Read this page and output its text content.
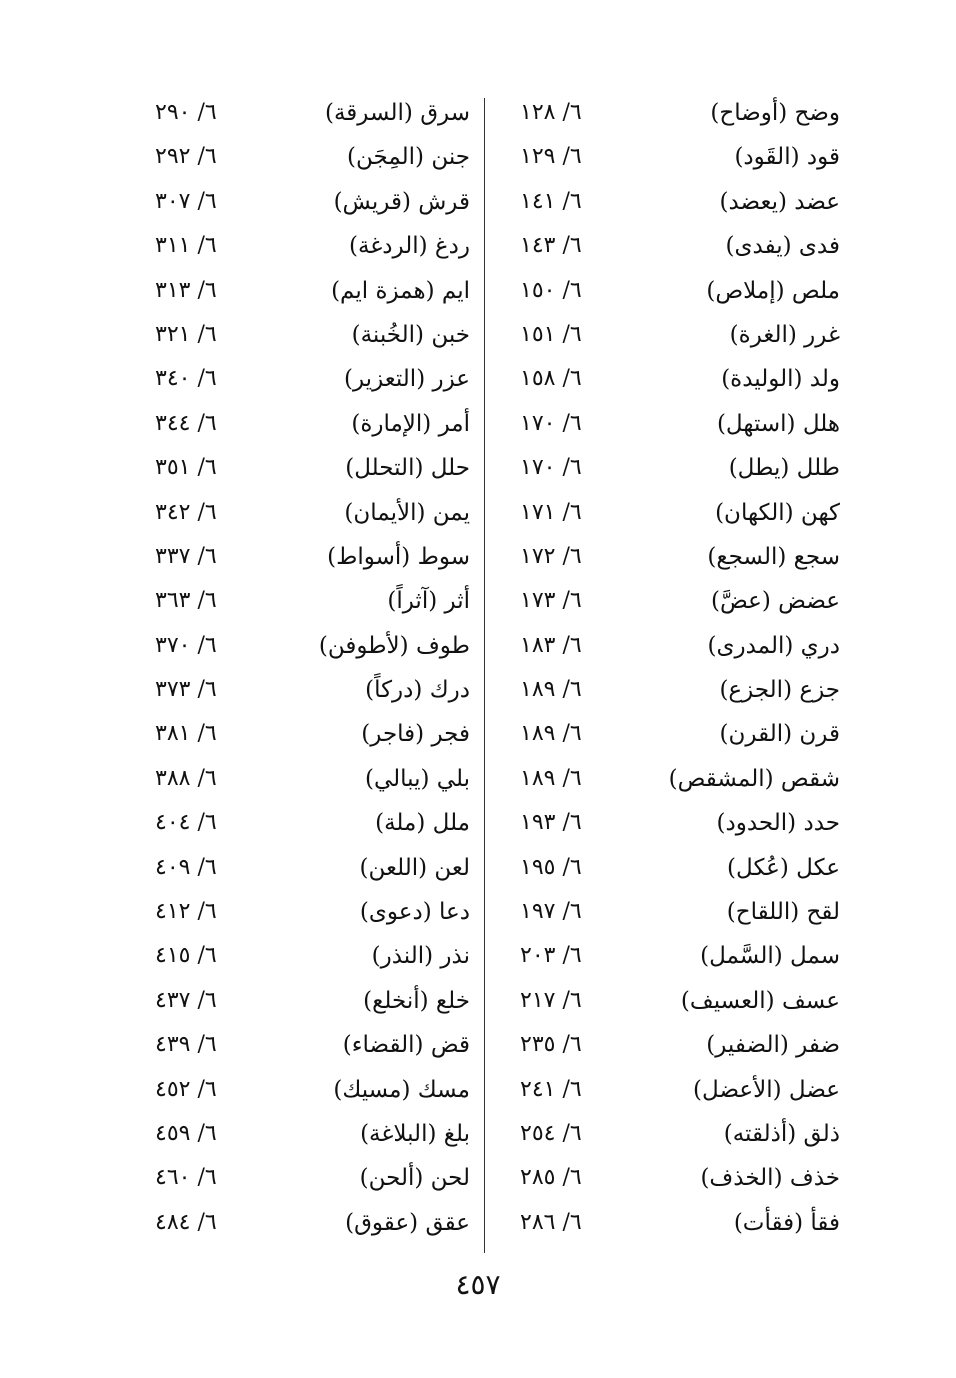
وضح (أوضاح)
٦/ ١٢٨
قود (القَود)
٦/ ١٢٩
عضد (يعضد)
٦/ ١٤١
فدى (يفدى)
٦/ ١٤٣
ملص (إملاص)
٦/ ١٥٠
غرر (الغرة)
٦/ ١٥١
ولد (الوليدة)
٦/ ١٥٨
هلل (استهل)
٦/ ١٧٠
طلل (يطل)
٦/ ١٧٠
كهن (الكهان)
٦/ ١٧١
سجع (السجع)
٦/ ١٧٢
عضض (عضَّ)
٦/ ١٧٣
دري (المدرى)
٦/ ١٨٣
جزع (الجزع)
٦/ ١٨٩
قرن (القرن)
٦/ ١٨٩
شقص (المشقص)
٦/ ١٨٩
حدد (الحدود)
٦/ ١٩٣
عكل (عُكل)
٦/ ١٩٥
لقح (اللقاح)
٦/ ١٩٧
سمل (السَّمل)
٦/ ٢٠٣
عسف (العسيف)
٦/ ٢١٧
ضفر (الضفير)
٦/ ٢٣٥
عضل (الأعضل)
٦/ ٢٤١
ذلق (أذلقته)
٦/ ٢٥٤
خذف (الخذف)
٦/ ٢٨٥
فقأ (فقأت)
٦/ ٢٨٦
سرق (السرقة)
٦/ ٢٩٠
جنن (المِجَن)
٦/ ٢٩٢
قرش (قريش)
٦/ ٣٠٧
ردغ (الردغة)
٦/ ٣١١
ايم (همزة ايم)
٦/ ٣١٣
خبن (الخُبنة)
٦/ ٣٢١
عزر (التعزير)
٦/ ٣٤٠
أمر (الإمارة)
٦/ ٣٤٤
حلل (التحلل)
٦/ ٣٥١
يمن (الأيمان)
٦/ ٣٤٢
سوط (أسواط)
٦/ ٣٣٧
أثر (آثراً)
٦/ ٣٦٣
طوف (لأطوفن)
٦/ ٣٧٠
درك (دركاً)
٦/ ٣٧٣
فجر (فاجر)
٦/ ٣٨١
بلي (يبالي)
٦/ ٣٨٨
ملل (ملة)
٦/ ٤٠٤
لعن (اللعن)
٦/ ٤٠٩
دعا (دعوى)
٦/ ٤١٢
نذر (النذر)
٦/ ٤١٥
خلع (أنخلع)
٦/ ٤٣٧
قض (القضاء)
٦/ ٤٣٩
مسك (مسيك)
٦/ ٤٥٢
بلغ (البلاغة)
٦/ ٤٥٩
لحن (ألحن)
٦/ ٤٦٠
عقق (عقوق)
٦/ ٤٨٤
٤٥٧
